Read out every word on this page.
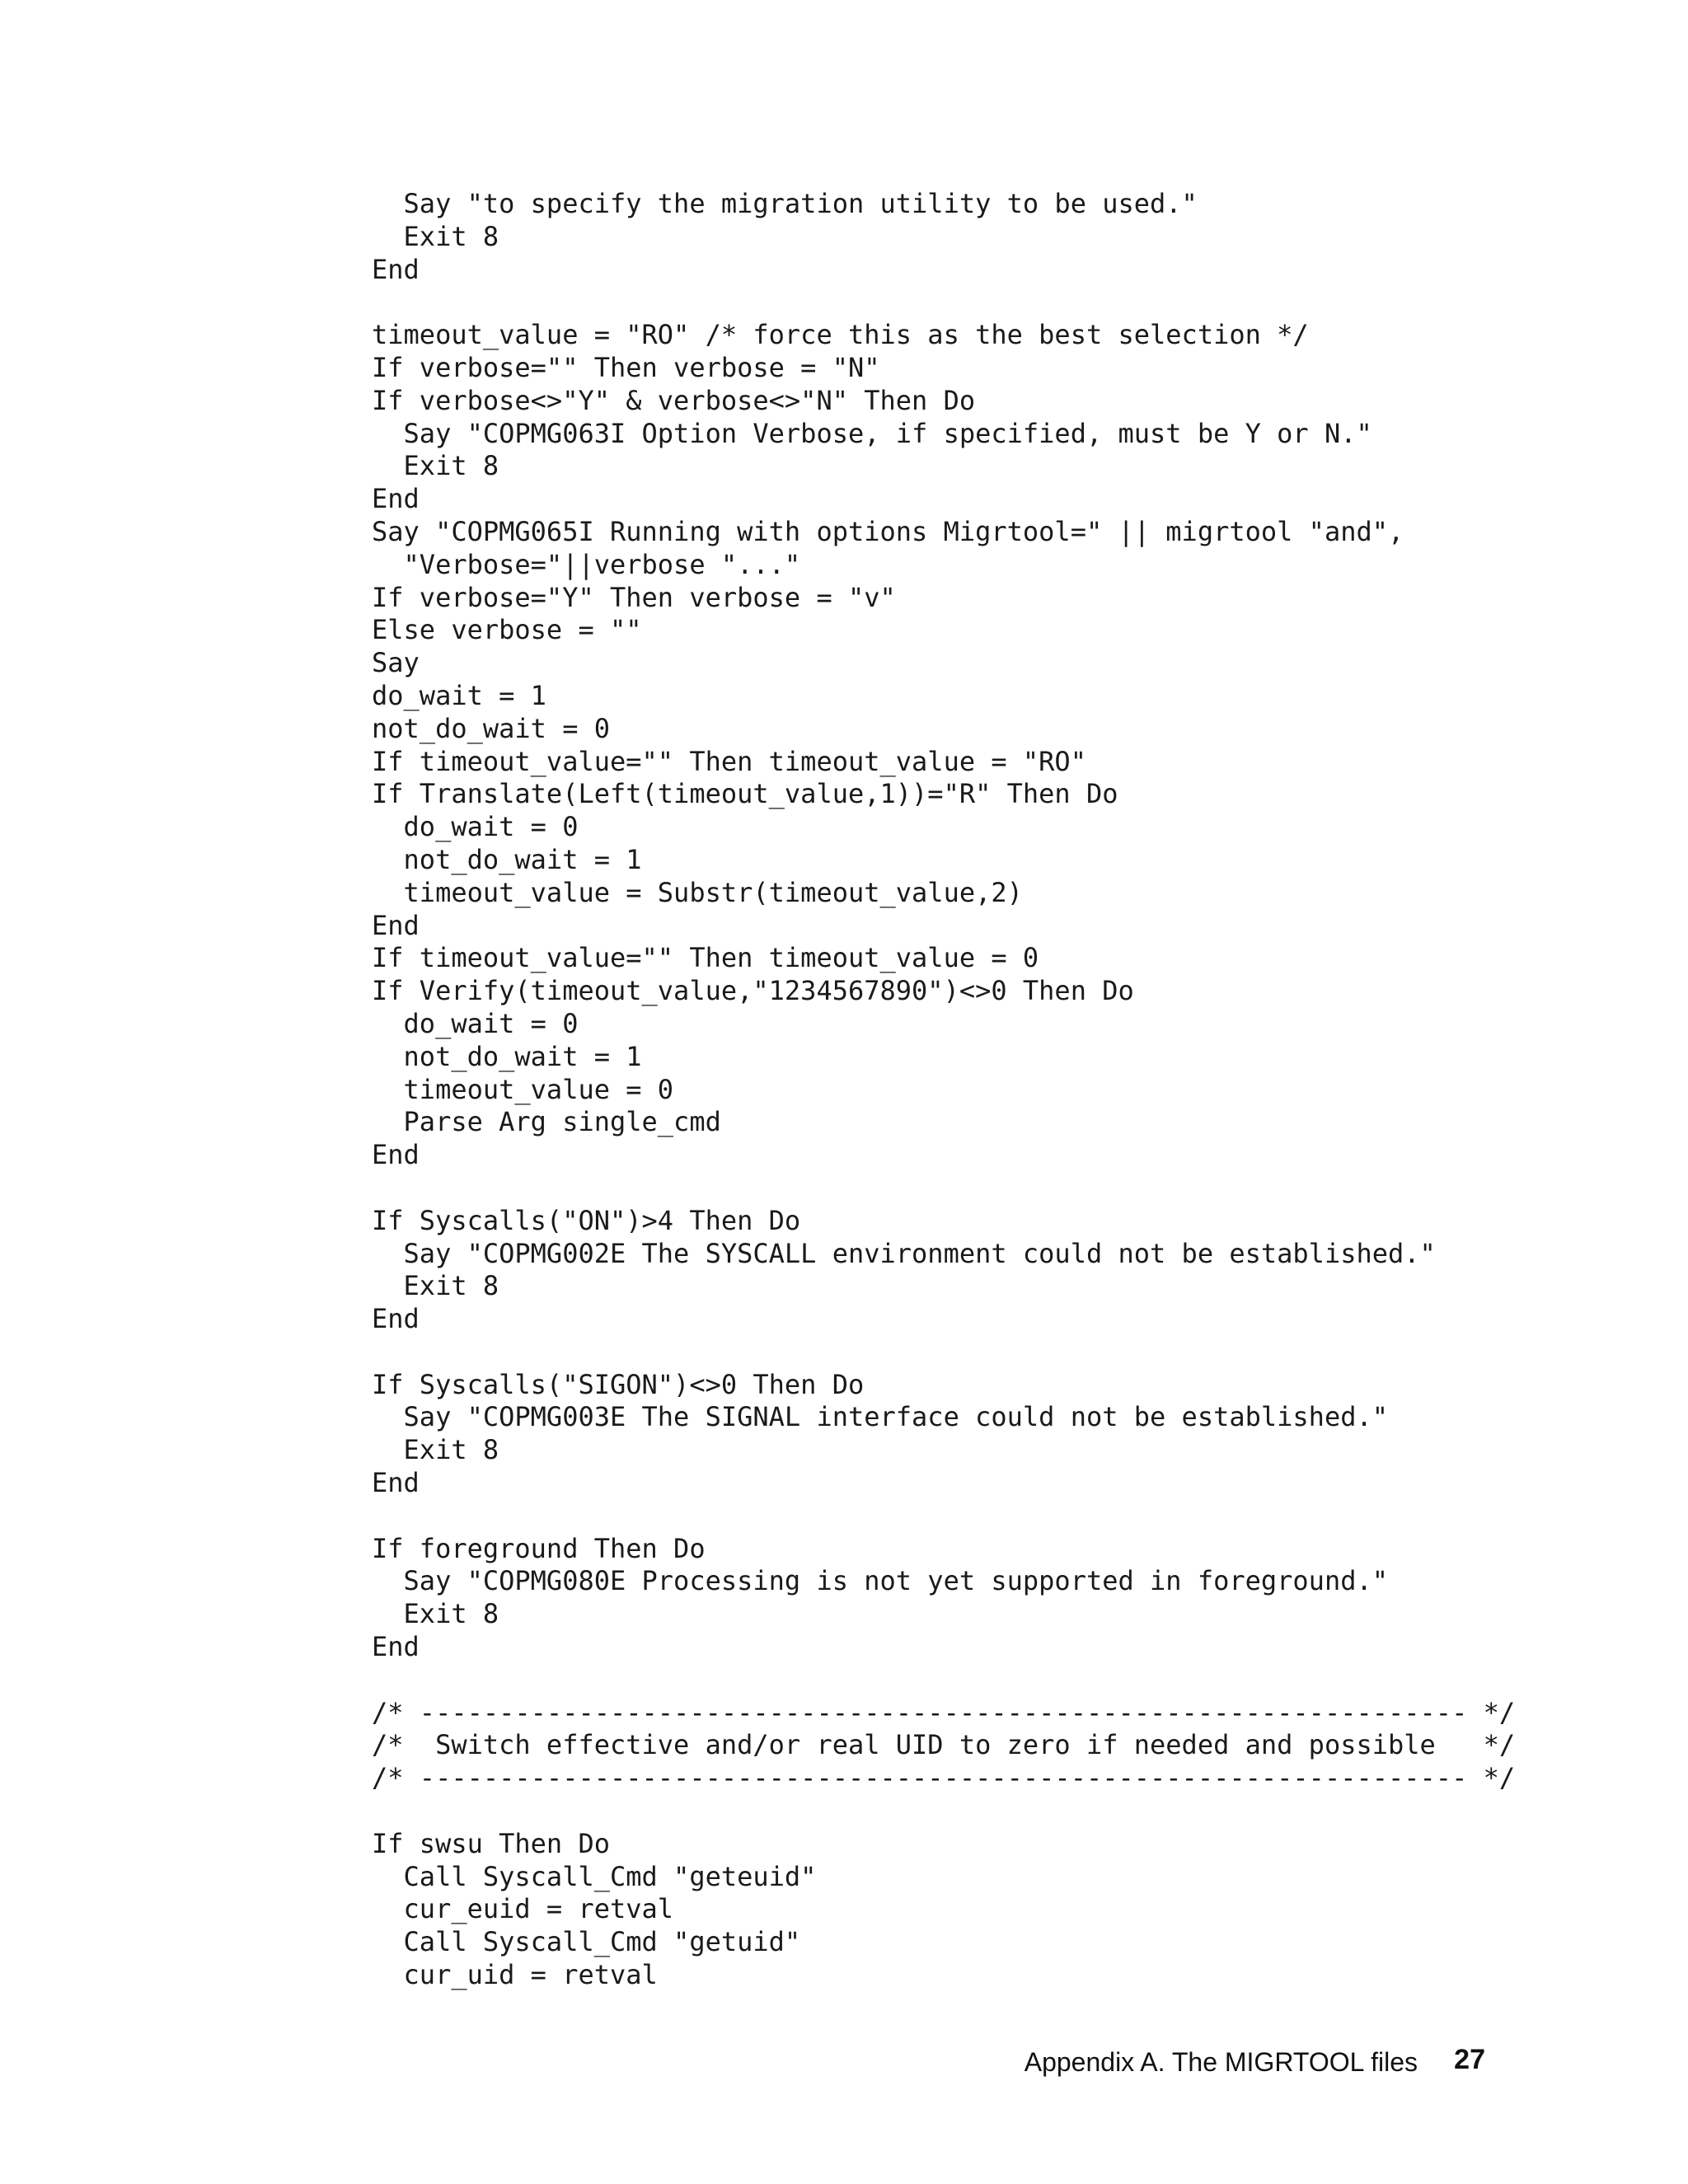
Say "to specify the migration utility to be used."
Exit 8
End
timeout_value = "RO" /* force this as the best selection */
If verbose="" Then verbose = "N"
If verbose<>"Y" & verbose<>"N" Then Do
Say "COPMG063I Option Verbose, if specified, must be Y or N."
Exit 8
End
Say "COPMG065I Running with options Migrtool=" || migrtool "and",
"Verbose="||verbose "..."
If verbose="Y" Then verbose = "v"
Else verbose = ""
Say
do_wait = 1
not_do_wait = 0
If timeout_value="" Then timeout_value = "RO"
If Translate(Left(timeout_value,1))="R" Then Do
do_wait = 0
not_do_wait = 1
timeout_value = Substr(timeout_value,2)
End
If timeout_value="" Then timeout_value = 0
If Verify(timeout_value,"1234567890")<>0 Then Do
do_wait = 0
not_do_wait = 1
timeout_value = 0
Parse Arg single_cmd
End
If Syscalls("ON")>4 Then Do
Say "COPMG002E The SYSCALL environment could not be established."
Exit 8
End
If Syscalls("SIGON")<>0 Then Do
Say "COPMG003E The SIGNAL interface could not be established."
Exit 8
End
If foreground Then Do
Say "COPMG080E Processing is not yet supported in foreground."
Exit 8
End
/* ------------------------------------------------------------------ */
/*  Switch effective and/or real UID to zero if needed and possible   */
/* ------------------------------------------------------------------ */
If swsu Then Do
Call Syscall_Cmd "geteuid"
cur_euid = retval
Call Syscall_Cmd "getuid"
cur_uid = retval
Appendix A. The MIGRTOOL files 27
